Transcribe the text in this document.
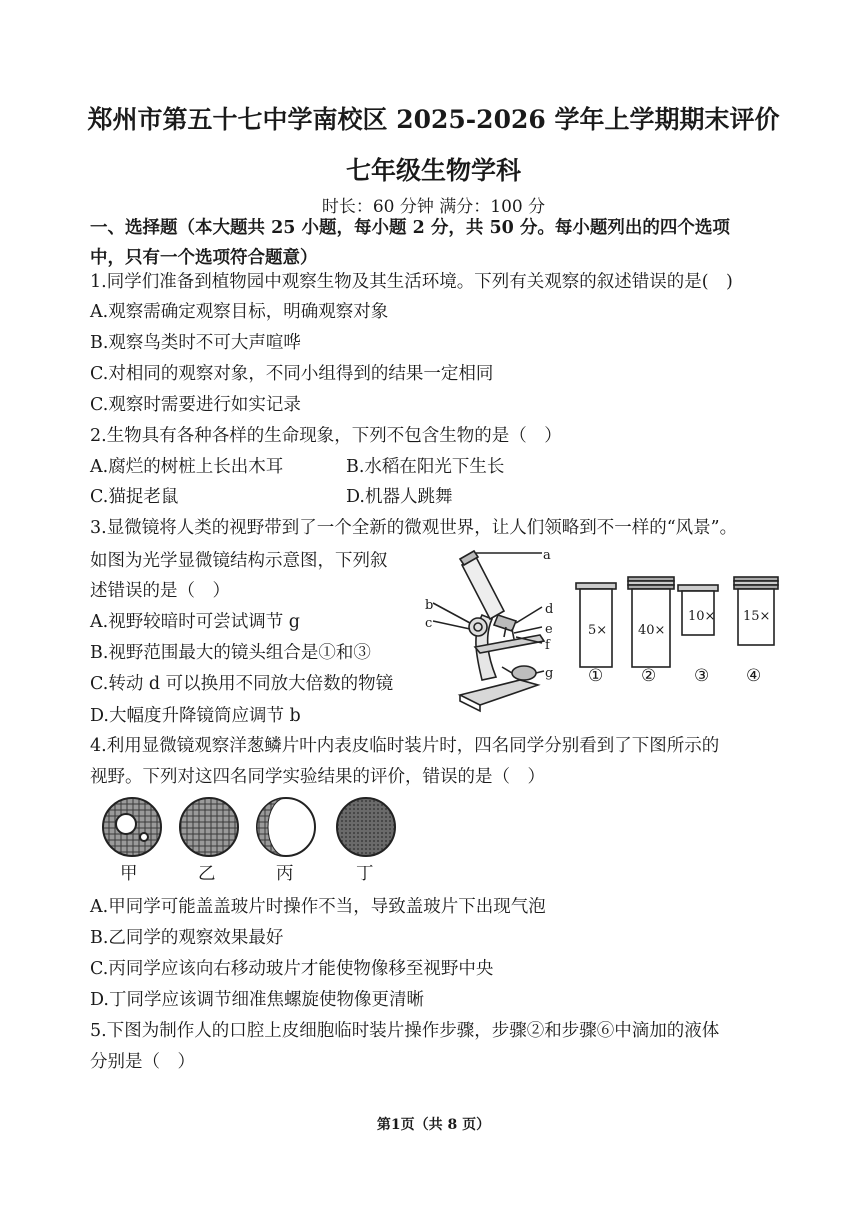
郑州市第五十七中学南校区 2025-2026 学年上学期期末评价
七年级生物学科
时长：60 分钟 满分：100 分
一、选择题（本大题共 25 小题，每小题 2 分，共 50 分。每小题列出的四个选项
中，只有一个选项符合题意）
1.同学们准备到植物园中观察生物及其生活环境。下列有关观察的叙述错误的是(　)
A.观察需确定观察目标，明确观察对象
B.观察鸟类时不可大声喧哗
C.对相同的观察对象，不同小组得到的结果一定相同
C.观察时需要进行如实记录
2.生物具有各种各样的生命现象，下列不包含生物的是（　）
A.腐烂的树桩上长出木耳	B.水稻在阳光下生长
C.猫捉老鼠	D.机器人跳舞
3.显微镜将人类的视野带到了一个全新的微观世界，让人们领略到不一样的“风景”。
如图为光学显微镜结构示意图，下列叙
述错误的是（　）
A.视野较暗时可尝试调节 g
B.视野范围最大的镜头组合是①和③
C.转动 d 可以换用不同放大倍数的物镜
D.大幅度升降镜筒应调节 b
a
b
c
d
e
f
g
5× 40×
10× 15×
① ② ③ ④
4.利用显微镜观察洋葱鳞片叶内表皮临时装片时，四名同学分别看到了下图所示的
视野。下列对这四名同学实验结果的评价，错误的是（　）
甲	乙	丙	丁
A.甲同学可能盖盖玻片时操作不当，导致盖玻片下出现气泡
B.乙同学的观察效果最好
C.丙同学应该向右移动玻片才能使物像移至视野中央
D.丁同学应该调节细准焦螺旋使物像更清晰
5.下图为制作人的口腔上皮细胞临时装片操作步骤，步骤②和步骤⑥中滴加的液体
分别是（　）
第1页（共 8 页）
